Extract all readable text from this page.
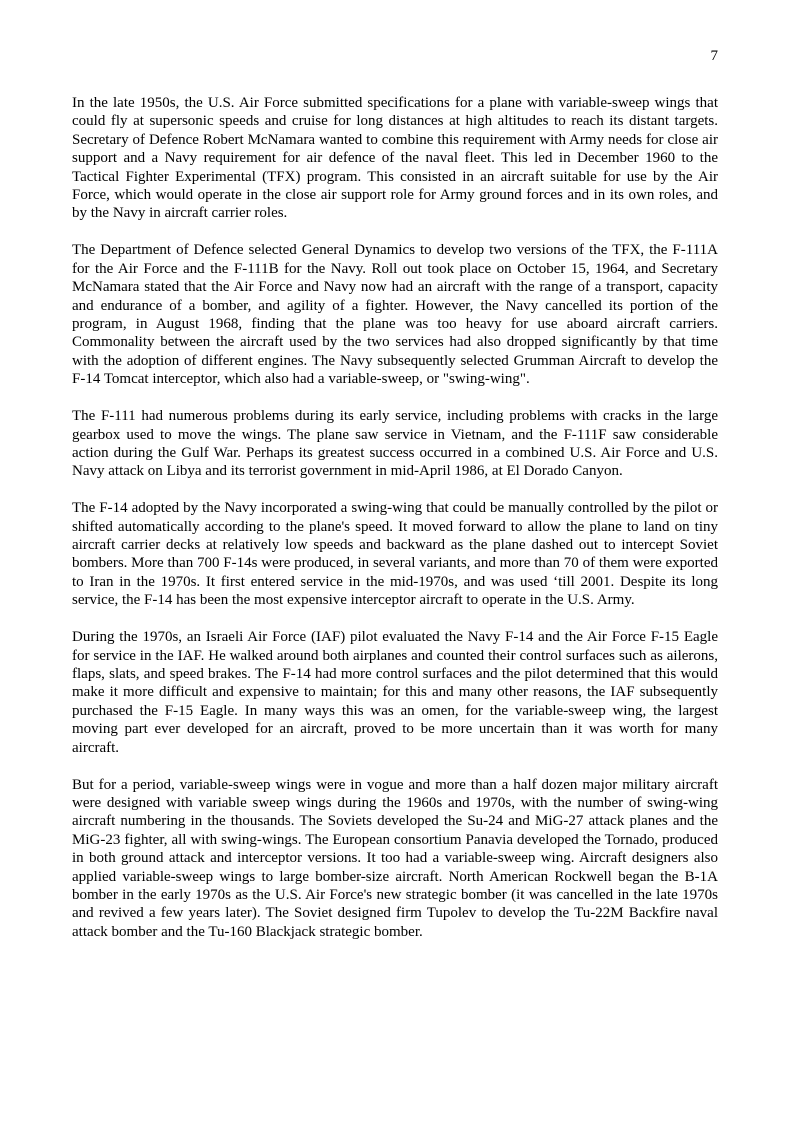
7

In the late 1950s, the U.S. Air Force submitted specifications for a plane with variable-sweep wings that could fly at supersonic speeds and cruise for long distances at high altitudes to reach its distant targets. Secretary of Defence Robert McNamara wanted to combine this requirement with Army needs for close air support and a Navy requirement for air defence of the naval fleet. This led in December 1960 to the Tactical Fighter Experimental (TFX) program. This consisted in an aircraft suitable for use by the Air Force, which would operate in the close air support role for Army ground forces and in its own roles, and by the Navy in aircraft carrier roles.

The Department of Defence selected General Dynamics to develop two versions of the TFX, the F-111A for the Air Force and the F-111B for the Navy. Roll out took place on October 15, 1964, and Secretary McNamara stated that the Air Force and Navy now had an aircraft with the range of a transport, capacity and endurance of a bomber, and agility of a fighter. However, the Navy cancelled its portion of the program, in August 1968, finding that the plane was too heavy for use aboard aircraft carriers. Commonality between the aircraft used by the two services had also dropped significantly by that time with the adoption of different engines. The Navy subsequently selected Grumman Aircraft to develop the F-14 Tomcat interceptor, which also had a variable-sweep, or "swing-wing".

The F-111 had numerous problems during its early service, including problems with cracks in the large gearbox used to move the wings. The plane saw service in Vietnam, and the F-111F saw considerable action during the Gulf War. Perhaps its greatest success occurred in a combined U.S. Air Force and U.S. Navy attack on Libya and its terrorist government in mid-April 1986, at El Dorado Canyon.

The F-14 adopted by the Navy incorporated a swing-wing that could be manually controlled by the pilot or shifted automatically according to the plane's speed. It moved forward to allow the plane to land on tiny aircraft carrier decks at relatively low speeds and backward as the plane dashed out to intercept Soviet bombers. More than 700 F-14s were produced, in several variants, and more than 70 of them were exported to Iran in the 1970s. It first entered service in the mid-1970s, and was used ‘till 2001. Despite its long service, the F-14 has been the most expensive interceptor aircraft to operate in the U.S. Army.

During the 1970s, an Israeli Air Force (IAF) pilot evaluated the Navy F-14 and the Air Force F-15 Eagle for service in the IAF. He walked around both airplanes and counted their control surfaces such as ailerons, flaps, slats, and speed brakes. The F-14 had more control surfaces and the pilot determined that this would make it more difficult and expensive to maintain; for this and many other reasons, the IAF subsequently purchased the F-15 Eagle. In many ways this was an omen, for the variable-sweep wing, the largest moving part ever developed for an aircraft, proved to be more uncertain than it was worth for many aircraft.

But for a period, variable-sweep wings were in vogue and more than a half dozen major military aircraft were designed with variable sweep wings during the 1960s and 1970s, with the number of swing-wing aircraft numbering in the thousands. The Soviets developed the Su-24 and MiG-27 attack planes and the MiG-23 fighter, all with swing-wings. The European consortium Panavia developed the Tornado, produced in both ground attack and interceptor versions. It too had a variable-sweep wing. Aircraft designers also applied variable-sweep wings to large bomber-size aircraft. North American Rockwell began the B-1A bomber in the early 1970s as the U.S. Air Force's new strategic bomber (it was cancelled in the late 1970s and revived a few years later). The Soviet designed firm Tupolev to develop the Tu-22M Backfire naval attack bomber and the Tu-160 Blackjack strategic bomber.
